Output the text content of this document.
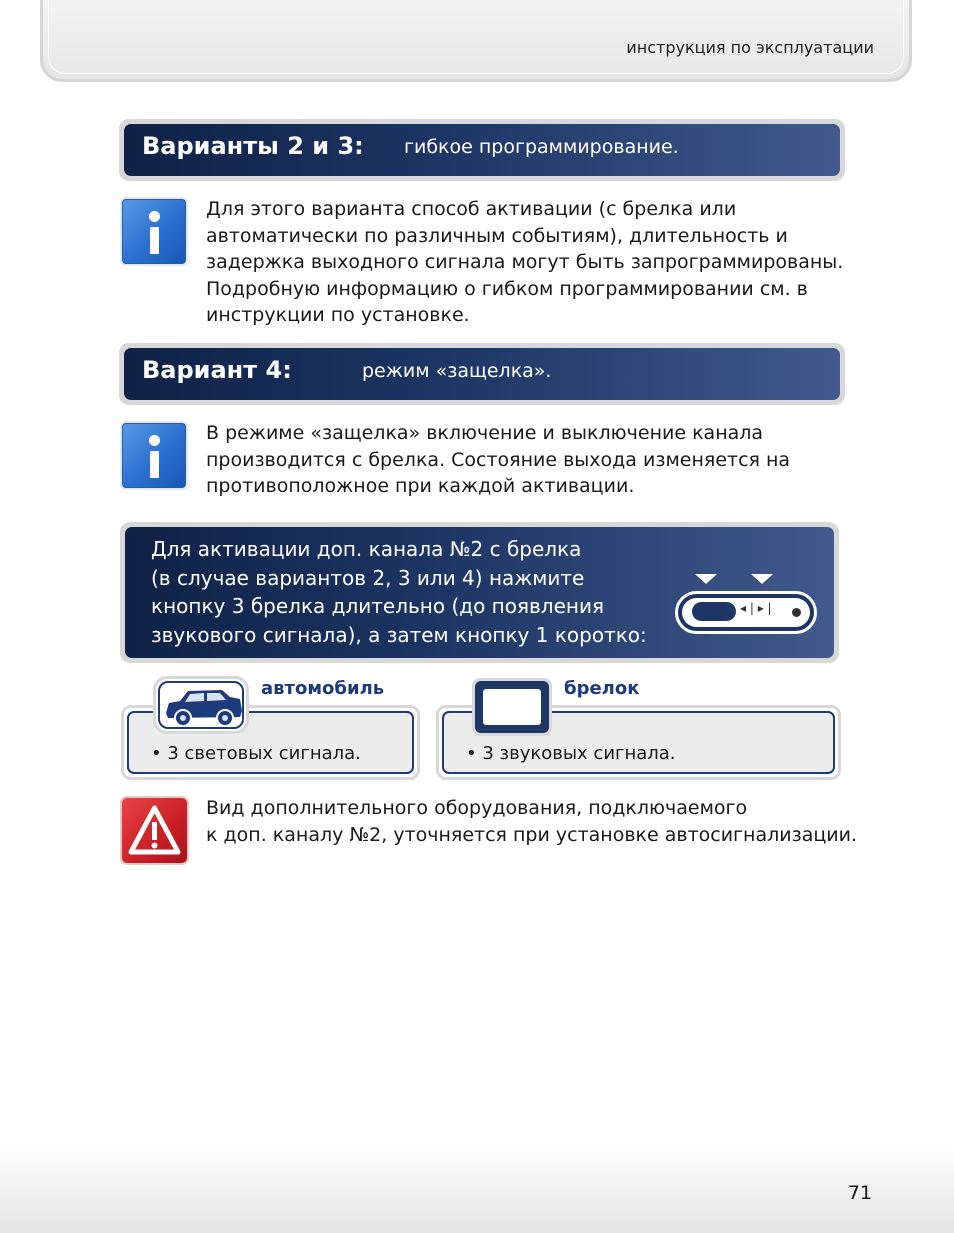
инструкция по эксплуатации
Варианты 2 и 3: гибкое программирование.
Для этого варианта способ активации (с брелка или
автоматически по различным событиям), длительность и
задержка выходного сигнала могут быть запрограммированы.
Подробную информацию о гибком программировании см. в
инструкции по установке.
Вариант 4:	режим «защелка».
В режиме «защелка» включение и выключение канала
производится с брелка. Состояние выхода изменяется на
противоположное при каждой активации.
Для активации доп. канала №2 с брелка
(в случае вариантов 2, 3 или 4) нажмите
кнопку 3 брелка длительно (до появления
звукового сигнала), а затем кнопку 1 коротко:
◂ | ▸ |
• 3 световых сигнала.
автомобиль
• 3 звуковых сигнала.
брелок
Вид дополнительного оборудования, подключаемого
к доп. каналу №2, уточняется при установке автосигнализации.
71
